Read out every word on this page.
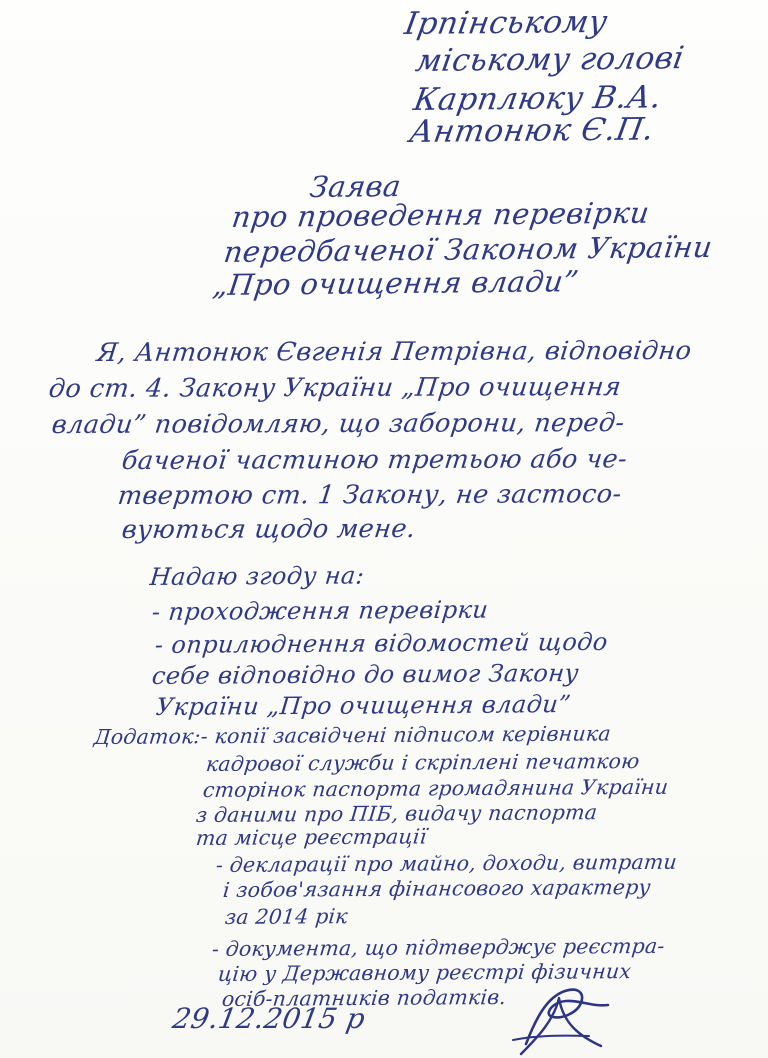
Ірпінському
міському голові
Карплюку В.А.
Антонюк Є.П.
Заява
про проведення перевірки
передбаченої Законом України
„Про очищення влади”
Я, Антонюк Євгенія Петрівна, відповідно
до ст. 4. Закону України „Про очищення
влади” повідомляю, що заборони, перед-
баченої частиною третьою або че-
твертою ст. 1 Закону, не застосо-
вуються щодо мене.
Надаю згоду на:
- проходження перевірки
- оприлюднення відомостей щодо
себе відповідно до вимог Закону
України „Про очищення влади”
Додаток:- копії засвідчені підписом керівника
кадрової служби і скріплені печаткою
сторінок паспорта громадянина України
з даними про ПІБ, видачу паспорта
та місце реєстрації
- декларації про майно, доходи, витрати
і зобов'язання фінансового характеру
за 2014 рік
- документа, що підтверджує реєстра-
цію у Державному реєстрі фізичних
осіб-платників податків.
29.12.2015 р
